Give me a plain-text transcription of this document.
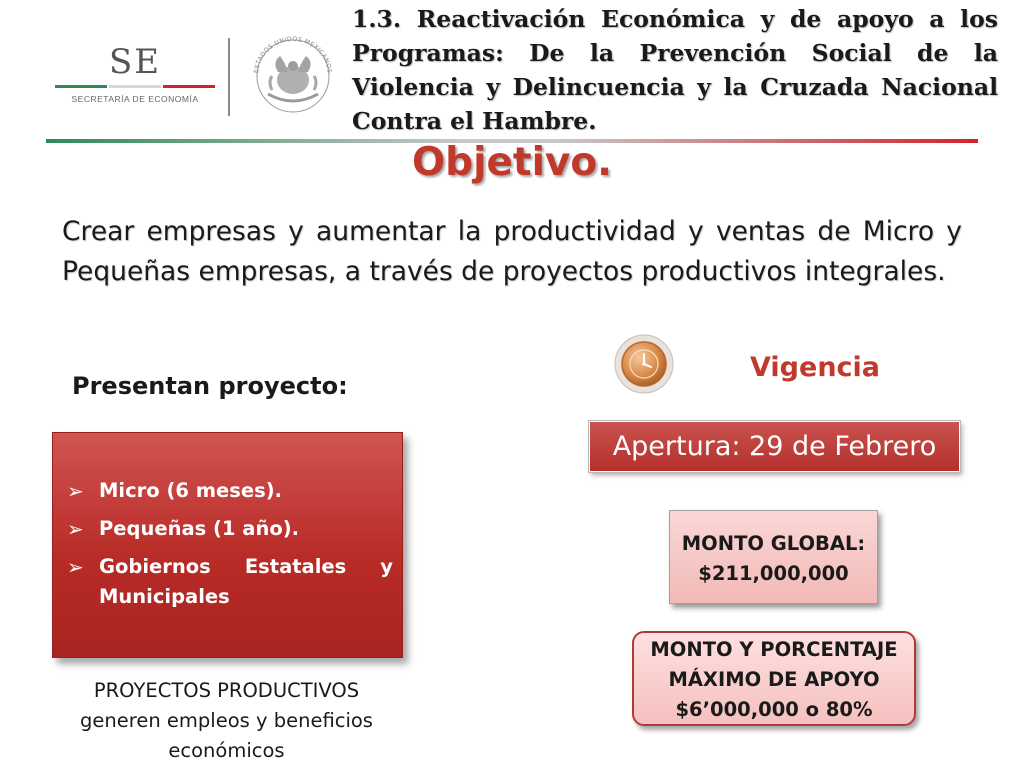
SE
SECRETARÍA DE ECONOMÍA
ESTADOS UNIDOS MEXICANOS
1.3. Reactivación Económica y de apoyo a los Programas: De la Prevención Social de la Violencia y Delincuencia y la Cruzada Nacional Contra el Hambre.
Objetivo.
Crear empresas y aumentar la productividad y ventas de Micro y Pequeñas empresas, a través de proyectos productivos integrales.
Presentan proyecto:
➢ Micro (6 meses).
➢ Pequeñas (1 año).
➢ Gobiernos Estatales y Municipales
PROYECTOS PRODUCTIVOS generen empleos y beneficios económicos
Vigencia
Apertura: 29 de Febrero
MONTO GLOBAL:
$211,000,000
MONTO Y PORCENTAJE
MÁXIMO DE APOYO
$6’000,000 o 80%
